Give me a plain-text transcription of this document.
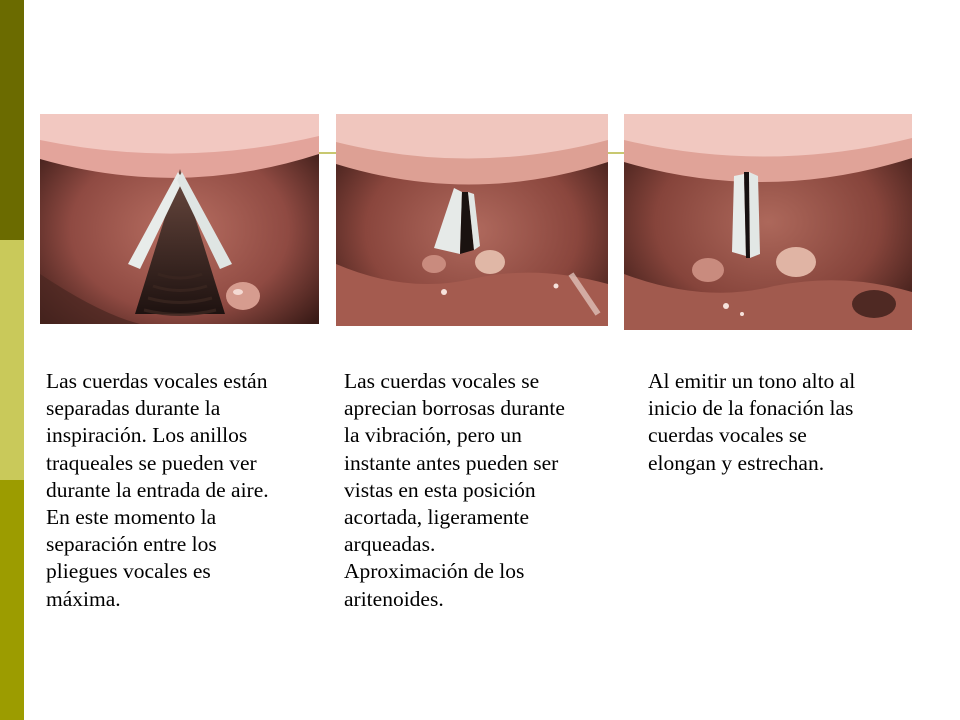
Las cuerdas vocales están
separadas durante la
inspiración. Los anillos
traqueales se pueden ver
durante la entrada de aire.
En este momento la
separación entre los
pliegues vocales es
máxima.

Las cuerdas vocales se
aprecian borrosas durante
la vibración, pero un
instante antes pueden ser
vistas en esta posición
acortada, ligeramente
arqueadas.
Aproximación de los
aritenoides.

Al emitir un tono alto al
inicio de la fonación las
cuerdas vocales se
elongan y estrechan.
